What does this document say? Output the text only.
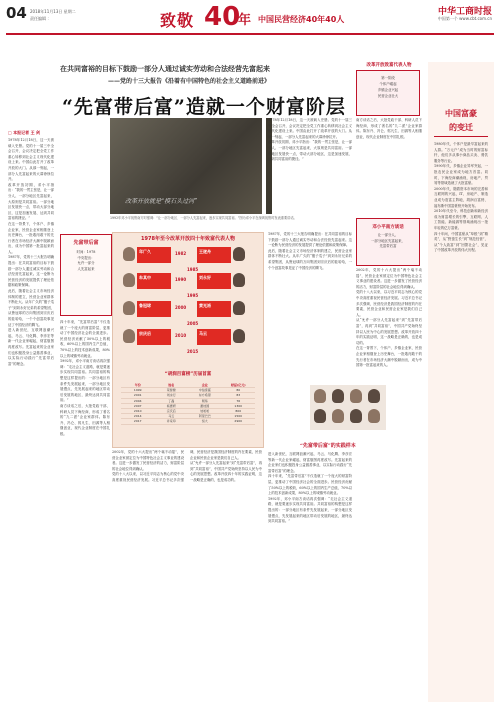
04 2018年11月13日 星期二
责任编辑 ：	致敬 40
年 中国民营经济40年40人
中华工商时报
中国第一个 www.cbt.com.cn
在共同富裕的目标下鼓励一部分人通过诚实劳动和合法经营先富起来
——党的十三大报告《沿着有中国特色的社会主义道路前进》
“先富带后富”造就一个财富阶层
□ 本报记者 王 剑

1978年12月18日，这一天被载入史册。党的十一届三中全会召开，会议决定把全党工作重心转移到社会主义现代化建设上来。中国由此打开了改革开放的大门。从那一刻起，一部分人先富起来的大幕徐徐拉开。

改革开放初期，邓小平指出：“我的一贯主张是，让一部分人、一部分地区先富起来，大原则是共同富裕。一部分地区发展快一点，带动大部分地区，这是加速发展、达到共同富裕的捷径。”

在这一背景下，个体户、乡镇企业家、民营企业家相继登上历史舞台，一批敢闯敢干的先行者在市场经济大潮中脱颖而出，成为中国第一批富起来的人。

1987年，党的十三大报告明确提出：在共同富裕的目标下鼓励一部分人通过诚实劳动和合法经营先富起来。这一论断为民营经济的发展提供了理论依据和政策保障。

此后，随着社会主义市场经济体制的建立，民营企业家群体不断壮大。从年广久的“傻子瓜子”到刘永好兄弟的希望集团，从鲁冠球的万向集团到宗庆后的娃哈哈，一个个创富故事见证了中国经济的腾飞。

进入新世纪，互联网浪潮兴起，马云、马化腾、李彦宏等新一代企业家崛起，财富版图再度改写。先富起来的企业家们也积极投身公益慈善事业，以实际行动践行“先富带后富”的理念。

先富带后富
时间：1978
中央提出：
允许一部分
人先富起来

四十年来，“先富带后富”不仅造就了一个庞大的财富阶层，更推动了中国经济社会的全面进步。民营经济贡献了50%以上的税收，60%以上的国内生产总值，70%以上的技术创新成果，80%以上的城镇劳动就业。

1992年，邓小平南方谈话再次强调：“走社会主义道路，就是要逐步实现共同富裕。共同富裕的构想是这样提出的：一部分地区有条件先发展起来，一部分地区发展慢点，先发展起来的地区带动后发展的地区，最终达到共同富裕。”

南方谈话之后，大批党政干部、科研人员下海经商，形成了著名的“九二派”企业家群体。陈东升、冯仑、郭凡生、田源等人相继创业，现代企业制度在中国扎根。

改革开放就是“摸石头过河”
1992年邓小平视察南方时强调：“让一部分地区、一部分人先富起来，逐步实现共同富裕。”图为邓小平在深圳视察时发表重要讲话。
1978年至今改革开放四十年致富代表人物
年广久	1982	王遂舟
1985
牟其中	1990	刘永好
1995
鲁冠球	2000	黄光裕
2005
宗庆后	2010	马云
2015
“胡润百富榜”历届首富
年份	姓名	企业	财富(亿元)
1999	荣智健	中信泰富	80
2001	刘永行	东方希望	83
2004	丁磊	网易	76
2007	杨惠妍	碧桂园	1300
2010	宗庆后	娃哈哈	800
2014	马云	阿里巴巴	1500
2017	许家印	恒大	2900

2002年，党的十六大提出“两个毫不动摇”，民营企业家被定位为中国特色社会主义事业的建设者。这进一步激发了民营经济的活力，财富阶层的社会地位得到确认。

党的十八大以来，以习近平同志为核心的党中央高度重视民营经济发展。习近平总书记多次强调，民营经济是我国经济制度的内在要素，民营企业和民营企业家是我们自己人。

从“允许一部分人先富起来”到“先富带后富”，再到“共同富裕”，中国共产党始终坚持以人民为中心的发展思想。改革开放四十年的实践证明，这一战略是正确的，也是成功的。

1987年，党的十三大报告明确提出：在共同富裕的目标下鼓励一部分人通过诚实劳动和合法经营先富起来。这一论断为民营经济的发展提供了理论依据和政策保障。

此后，随着社会主义市场经济体制的建立，民营企业家群体不断壮大。从年广久的“傻子瓜子”到刘永好兄弟的希望集团，从鲁冠球的万向集团到宗庆后的娃哈哈，一个个创富故事见证了中国经济的腾飞。

1978年12月18日，这一天被载入史册。党的十一届三中全会召开，会议决定把全党工作重心转移到社会主义现代化建设上来。中国由此打开了改革开放的大门。从那一刻起，一部分人先富起来的大幕徐徐拉开。

改革开放初期，邓小平指出：“我的一贯主张是，让一部分人、一部分地区先富起来，大原则是共同富裕。一部分地区发展快一点，带动大部分地区，这是加速发展、达到共同富裕的捷径。”

“先富带后富”的实践样本

进入新世纪，互联网浪潮兴起，马云、马化腾、李彦宏等新一代企业家崛起，财富版图再度改写。先富起来的企业家们也积极投身公益慈善事业，以实际行动践行“先富带后富”的理念。

四十年来，“先富带后富”不仅造就了一个庞大的财富阶层，更推动了中国经济社会的全面进步。民营经济贡献了50%以上的税收，60%以上的国内生产总值，70%以上的技术创新成果，80%以上的城镇劳动就业。

1992年，邓小平南方谈话再次强调：“走社会主义道路，就是要逐步实现共同富裕。共同富裕的构想是这样提出的：一部分地区有条件先发展起来，一部分地区发展慢点，先发展起来的地区带动后发展的地区，最终达到共同富裕。”

改革开放致富代表人物
第一阶段
个体户崛起
乡镇企业兴起
民营企业壮大

南方谈话之后，大批党政干部、科研人员下海经商，形成了著名的“九二派”企业家群体。陈东升、冯仑、郭凡生、田源等人相继创业，现代企业制度在中国扎根。

邓小平南方谈话
让一部分人、
一部分地区先富起来，
先富带后富

2002年，党的十六大提出“两个毫不动摇”，民营企业家被定位为中国特色社会主义事业的建设者。这进一步激发了民营经济的活力，财富阶层的社会地位得到确认。

党的十八大以来，以习近平同志为核心的党中央高度重视民营经济发展。习近平总书记多次强调，民营经济是我国经济制度的内在要素，民营企业和民营企业家是我们自己人。

从“允许一部分人先富起来”到“先富带后富”，再到“共同富裕”，中国共产党始终坚持以人民为中心的发展思想。改革开放四十年的实践证明，这一战略是正确的，也是成功的。

在这一背景下，个体户、乡镇企业家、民营企业家相继登上历史舞台，一批敢闯敢干的先行者在市场经济大潮中脱颖而出，成为中国第一批富起来的人。

中国富豪
的变迁

1980年代，个体户是最早富起来的人群。“万元户”成为当时的财富标杆，他们多从事小商品买卖、餐饮服务等行业。

1990年代，乡镇企业异军突起，一批农民企业家成为地方首富。同时，下海经商潮涌现，房地产、贸易等领域造就了大批富豪。

2000年代，随着资本市场的完善和互联网的兴起，IT、房地产、制造业成为造富主阵地，胡润百富榜、福布斯中国富豪榜开始发布。

2010年代至今，科技创新和新经济成为财富增长的引擎，互联网、人工智能、新能源等领域涌现出一批年轻的亿万富豪。

四十年间，中国富豪从“草根”到“精英”，从“野蛮生长”到“规范经营”，从“个人致富”到“回馈社会”，见证了中国改革开放的伟大历程。
